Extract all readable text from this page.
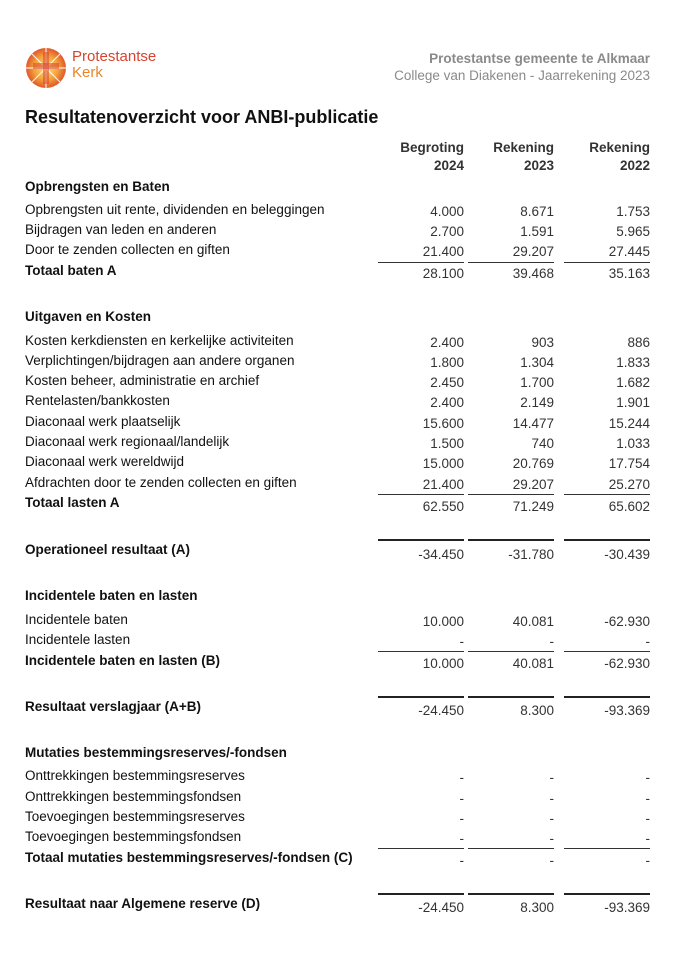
Protestantse
Kerk
Protestantse gemeente te Alkmaar
College van Diakenen - Jaarrekening 2023
Resultatenoverzicht voor ANBI-publicatie
Begroting
2024
Rekening
2023
Rekening
2022
Opbrengsten en Baten
Opbrengsten uit rente, dividenden en beleggingen	4.000	8.671	1.753
Bijdragen van leden en anderen	2.700	1.591	5.965
Door te zenden collecten en giften	21.400	29.207	27.445
Totaal baten A	28.100	39.468	35.163
Uitgaven en Kosten
Kosten kerkdiensten en kerkelijke activiteiten	2.400	903	886
Verplichtingen/bijdragen aan andere organen	1.800	1.304	1.833
Kosten beheer, administratie en archief	2.450	1.700	1.682
Rentelasten/bankkosten	2.400	2.149	1.901
Diaconaal werk plaatselijk	15.600	14.477	15.244
Diaconaal werk regionaal/landelijk	1.500	740	1.033
Diaconaal werk wereldwijd	15.000	20.769	17.754
Afdrachten door te zenden collecten en giften	21.400	29.207	25.270
Totaal lasten A	62.550	71.249	65.602
Operationeel resultaat (A)	-34.450	-31.780	-30.439
Incidentele baten en lasten
Incidentele baten	10.000	40.081	-62.930
Incidentele lasten	-	-	-
Incidentele baten en lasten (B)	10.000	40.081	-62.930
Resultaat verslagjaar (A+B)	-24.450	8.300	-93.369
Mutaties bestemmingsreserves/-fondsen
Onttrekkingen bestemmingsreserves	-	-	-
Onttrekkingen bestemmingsfondsen	-	-	-
Toevoegingen bestemmingsreserves	-	-	-
Toevoegingen bestemmingsfondsen	-	-	-
Totaal mutaties bestemmingsreserves/-fondsen (C)	-	-	-
Resultaat naar Algemene reserve (D)	-24.450	8.300	-93.369
